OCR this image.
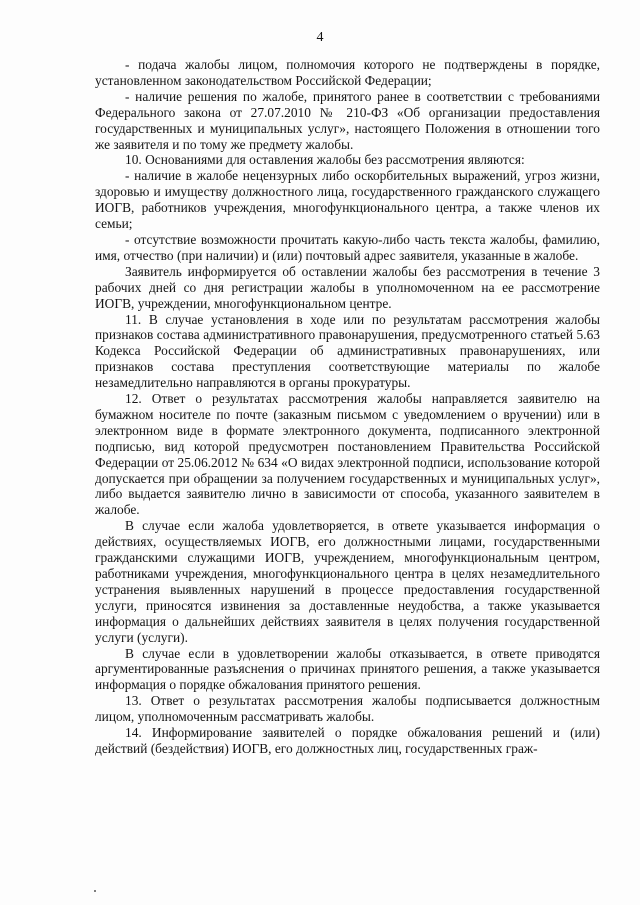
4

- подача жалобы лицом, полномочия которого не подтверждены в порядке, установленном законодательством Российской Федерации;

- наличие решения по жалобе, принятого ранее в соответствии с требованиями Федерального закона от 27.07.2010 № 210-ФЗ «Об организации предоставления государственных и муниципальных услуг», настоящего Положения в отношении того же заявителя и по тому же предмету жалобы.

10. Основаниями для оставления жалобы без рассмотрения являются:

- наличие в жалобе нецензурных либо оскорбительных выражений, угроз жизни, здоровью и имуществу должностного лица, государственного гражданского служащего ИОГВ, работников учреждения, многофункционального центра, а также членов их семьи;

- отсутствие возможности прочитать какую-либо часть текста жалобы, фамилию, имя, отчество (при наличии) и (или) почтовый адрес заявителя, указанные в жалобе.

Заявитель информируется об оставлении жалобы без рассмотрения в течение 3 рабочих дней со дня регистрации жалобы в уполномоченном на ее рассмотрение ИОГВ, учреждении, многофункциональном центре.

11. В случае установления в ходе или по результатам рассмотрения жалобы признаков состава административного правонарушения, предусмотренного статьей 5.63 Кодекса Российской Федерации об административных правонарушениях, или признаков состава преступления соответствующие материалы по жалобе незамедлительно направляются в органы прокуратуры.

12. Ответ о результатах рассмотрения жалобы направляется заявителю на бумажном носителе по почте (заказным письмом с уведомлением о вручении) или в электронном виде в формате электронного документа, подписанного электронной подписью, вид которой предусмотрен постановлением Правительства Российской Федерации от 25.06.2012 № 634 «О видах электронной подписи, использование которой допускается при обращении за получением государственных и муниципальных услуг», либо выдается заявителю лично в зависимости от способа, указанного заявителем в жалобе.

В случае если жалоба удовлетворяется, в ответе указывается информация о действиях, осуществляемых ИОГВ, его должностными лицами, государственными гражданскими служащими ИОГВ, учреждением, многофункциональным центром, работниками учреждения, многофункционального центра в целях незамедлительного устранения выявленных нарушений в процессе предоставления государственной услуги, приносятся извинения за доставленные неудобства, а также указывается информация о дальнейших действиях заявителя в целях получения государственной услуги (услуги).

В случае если в удовлетворении жалобы отказывается, в ответе приводятся аргументированные разъяснения о причинах принятого решения, а также указывается информация о порядке обжалования принятого решения.

13. Ответ о результатах рассмотрения жалобы подписывается должностным лицом, уполномоченным рассматривать жалобы.

14. Информирование заявителей о порядке обжалования решений и (или) действий (бездействия) ИОГВ, его должностных лиц, государственных граж-
